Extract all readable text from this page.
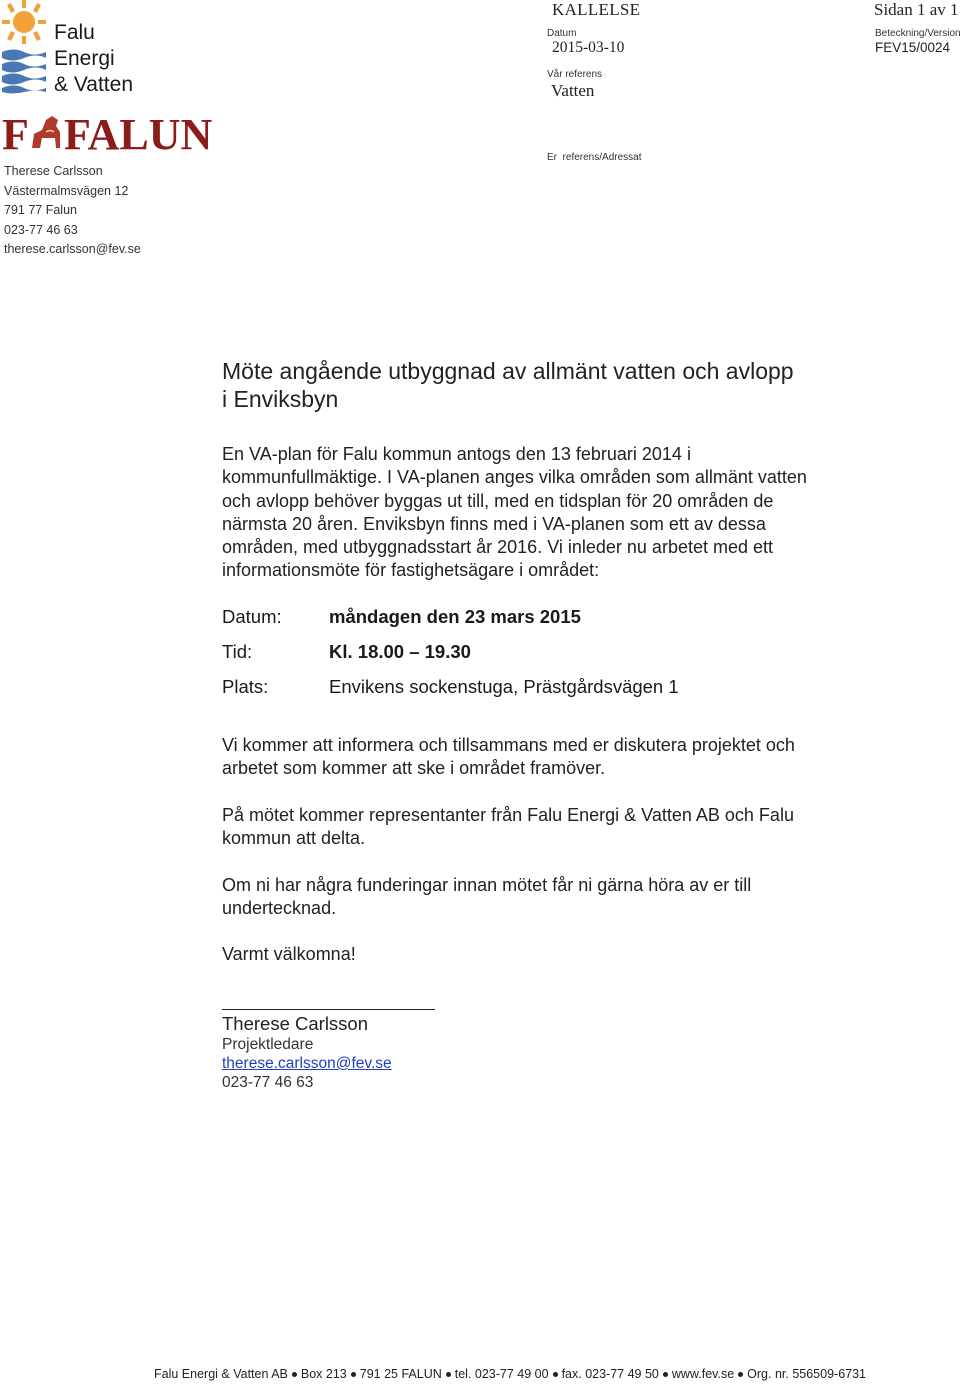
Falu
Energi
& Vatten
F FALUN
Therese Carlsson
Västermalmsvägen 12
791 77 Falun
023-77 46 63
therese.carlsson@fev.se
KALLELSE
Datum
2015-03-10
Vår referens
Vatten
Er  referens/Adressat
Sidan 1 av 1
Beteckning/Version
FEV15/0024
Möte angående utbyggnad av allmänt vatten och avlopp
i Enviksbyn
En VA-plan för Falu kommun antogs den 13 februari 2014 i
kommunfullmäktige. I VA-planen anges vilka områden som allmänt vatten
och avlopp behöver byggas ut till, med en tidsplan för 20 områden de
närmsta 20 åren. Enviksbyn finns med i VA-planen som ett av dessa
områden, med utbyggnadsstart år 2016. Vi inleder nu arbetet med ett
informationsmöte för fastighetsägare i området:
Datum:	måndagen den 23 mars 2015
Tid:	Kl. 18.00 – 19.30
Plats:	Envikens sockenstuga, Prästgårdsvägen 1
Vi kommer att informera och tillsammans med er diskutera projektet och
arbetet som kommer att ske i området framöver.
På mötet kommer representanter från Falu Energi & Vatten AB och Falu
kommun att delta.
Om ni har några funderingar innan mötet får ni gärna höra av er till
undertecknad.
Varmt välkomna!
Therese Carlsson
Projektledare
therese.carlsson@fev.se
023-77 46 63
Falu Energi & Vatten AB Box 213 791 25 FALUN tel. 023-77 49 00 fax. 023-77 49 50 www.fev.se Org. nr. 556509-6731
